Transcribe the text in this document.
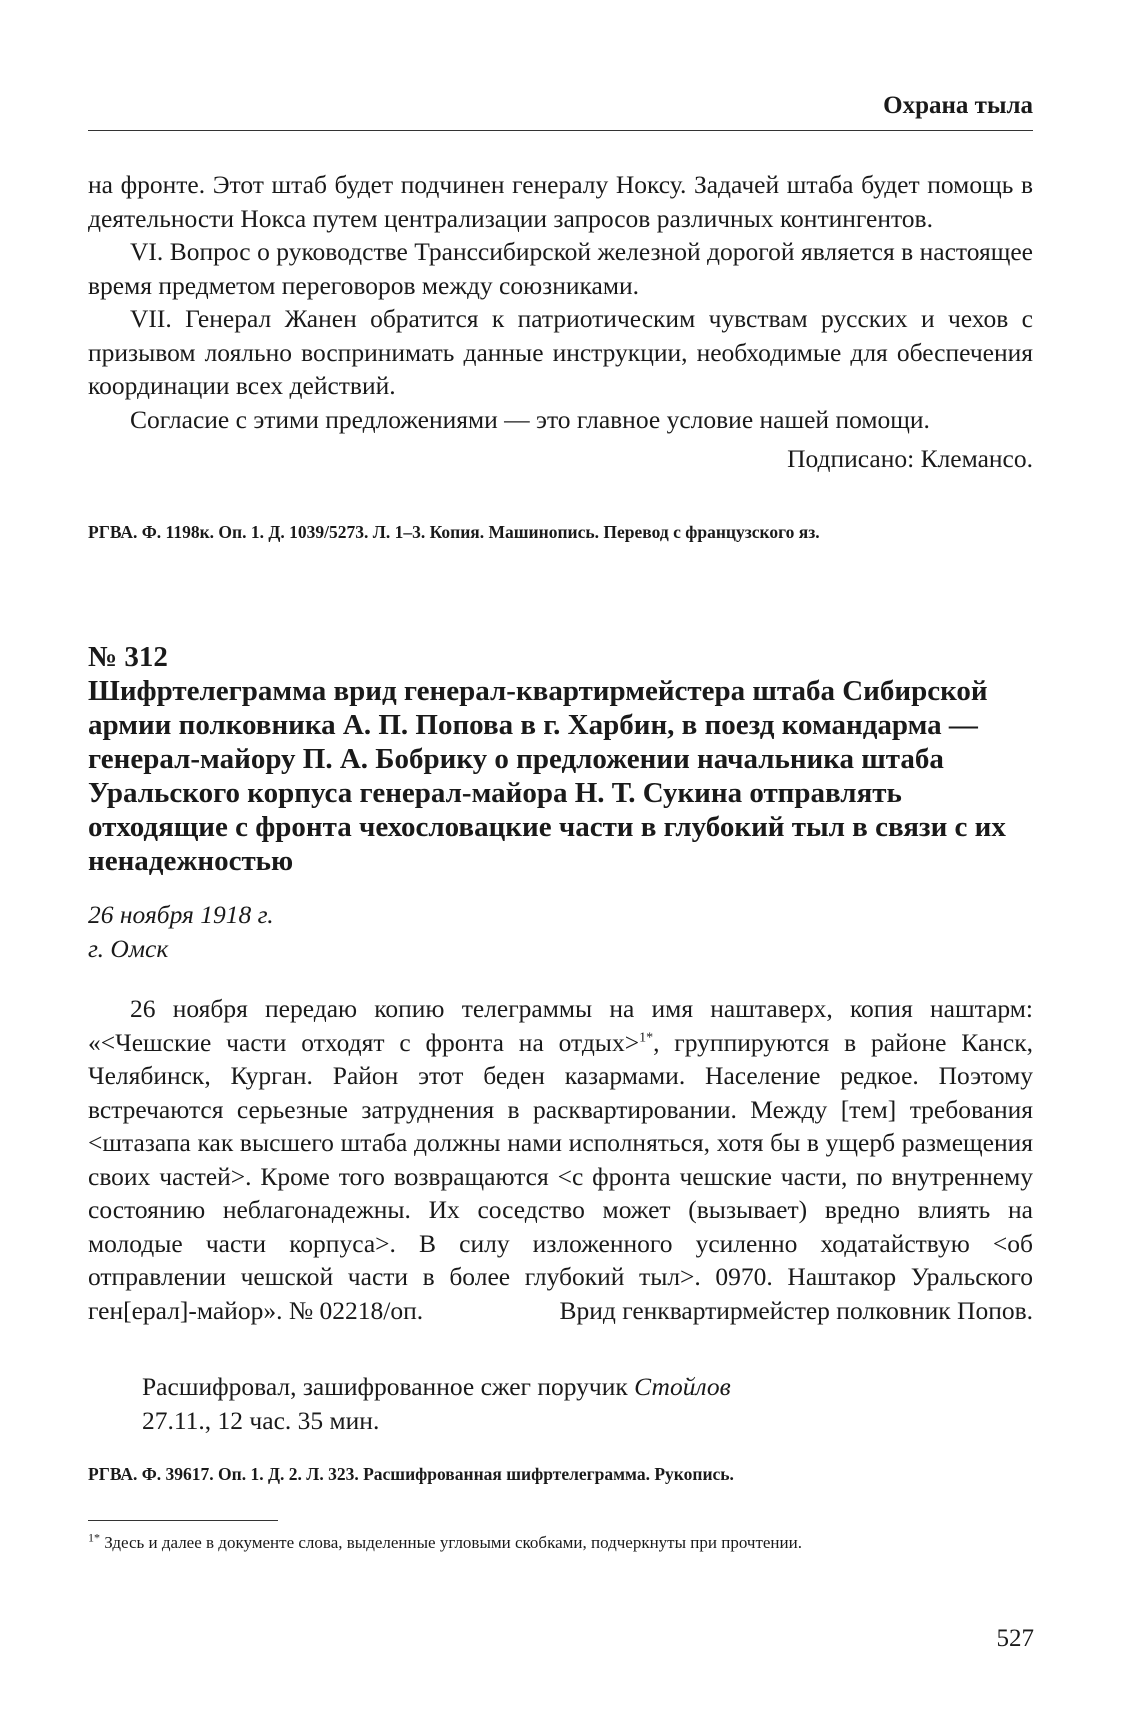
Охрана тыла

на фронте. Этот штаб будет подчинен генералу Ноксу. Задачей штаба будет помощь в деятельности Нокса путем централизации запросов различных контингентов.

VI. Вопрос о руководстве Транссибирской железной дорогой является в настоящее время предметом переговоров между союзниками.

VII. Генерал Жанен обратится к патриотическим чувствам русских и чехов с призывом лояльно воспринимать данные инструкции, необходимые для обеспечения координации всех действий.

Согласие с этими предложениями — это главное условие нашей помощи.

Подписано: Клемансо.
РГВА. Ф. 1198к. Оп. 1. Д. 1039/5273. Л. 1–3. Копия. Машинопись. Перевод с французского яз.
№ 312
Шифртелеграмма врид генерал-квартирмейстера штаба Сибирской армии полковника А. П. Попова в г. Харбин, в поезд командарма — генерал-майору П. А. Бобрику о предложении начальника штаба Уральского корпуса генерал-майора Н. Т. Сукина отправлять отходящие с фронта чехословацкие части в глубокий тыл в связи с их ненадежностью
26 ноября 1918 г.
г. Омск

26 ноября передаю копию телеграммы на имя наштаверх, копия наштарм: «<Чешские части отходят с фронта на отдых>$^{1*}$, группируются в районе Канск, Челябинск, Курган. Район этот беден казармами. Население редкое. Поэтому встречаются серьезные затруднения в расквартировании. Между [тем] требования <штазапа как высшего штаба должны нами исполняться, хотя бы в ущерб размещения своих частей>. Кроме того возвращаются <с фронта чешские части, по внутреннему состоянию неблагонадежны. Их соседство может (вызывает) вредно влиять на молодые части корпуса>. В силу изложенного усиленно ходатайствую <об отправлении чешской части в более глубокий тыл>. 0970. Наштакор Уральского ген[ерал]-майор». № 02218/оп.	Врид генквартирмейстер полковник Попов.
Расшифровал, зашифрованное сжег поручик Стойлов
27.11., 12 час. 35 мин.
РГВА. Ф. 39617. Оп. 1. Д. 2. Л. 323. Расшифрованная шифртелеграмма. Рукопись.
$^{1*}$ Здесь и далее в документе слова, выделенные угловыми скобками, подчеркнуты при прочтении.
527
